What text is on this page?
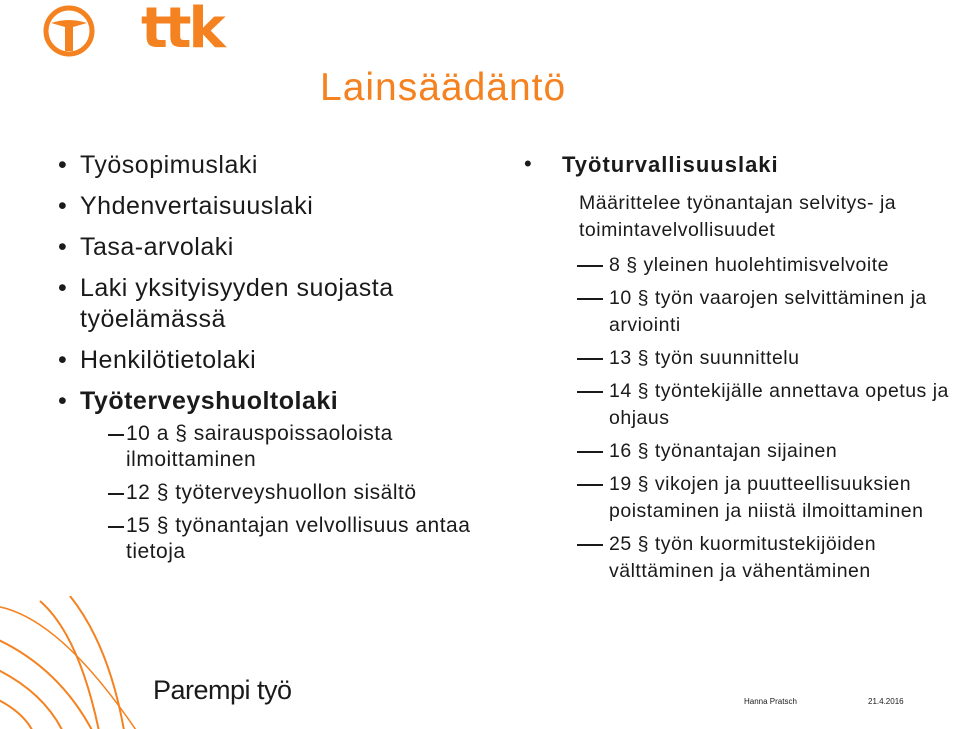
ttk
Lainsäädäntö
• Työsopimuslaki
• Yhdenvertaisuuslaki
• Tasa-arvolaki
• Laki yksityisyyden suojasta työelämässä
• Henkilötietolaki
• Työterveyshuoltolaki
10 a § sairauspoissaoloista ilmoittaminen
12 § työterveyshuollon sisältö
15 § työnantajan velvollisuus antaa tietoja
• Työturvallisuuslaki
Määrittelee työnantajan selvitys- ja toimintavelvollisuudet
8 § yleinen huolehtimisvelvoite
10 § työn vaarojen selvittäminen ja arviointi
13 § työn suunnittelu
14 § työntekijälle annettava opetus ja ohjaus
16 § työnantajan sijainen
19 § vikojen ja puutteellisuuksien poistaminen ja niistä ilmoittaminen
25 § työn kuormitustekijöiden välttäminen ja vähentäminen
Parempi työ	Hanna Pratsch	21.4.2016
